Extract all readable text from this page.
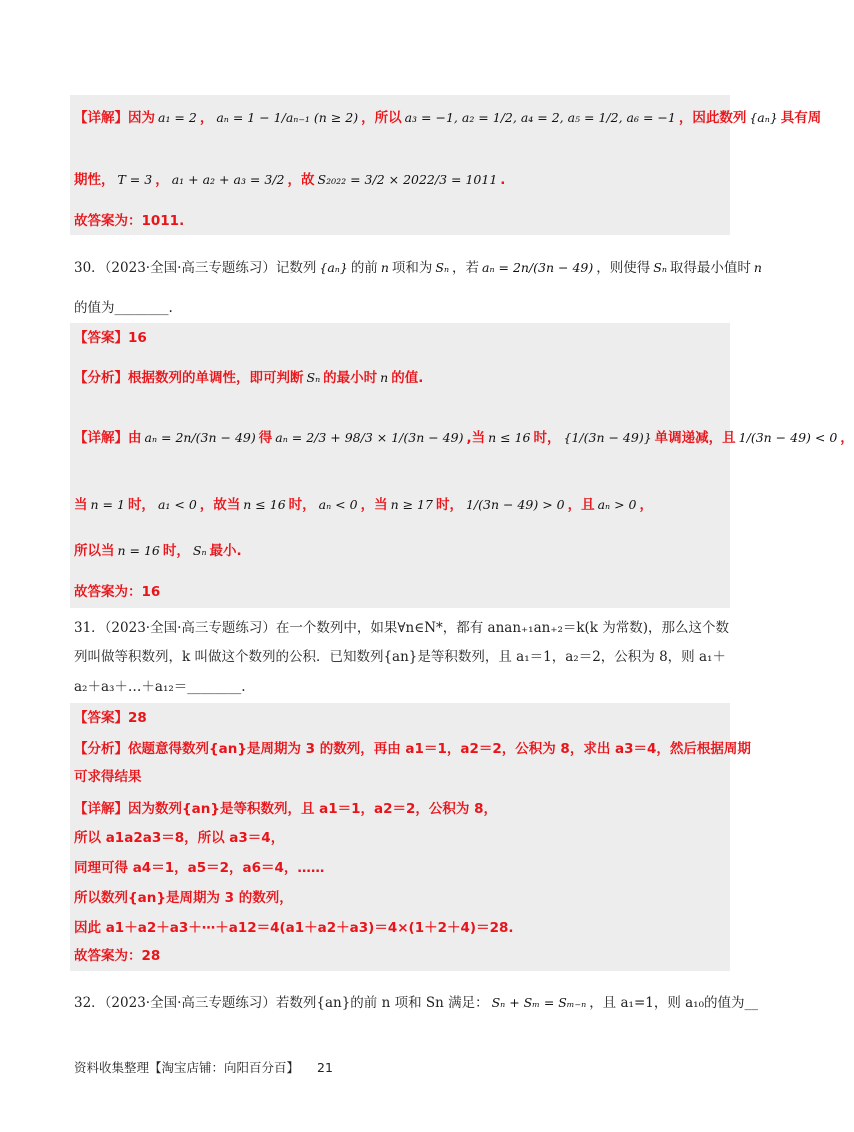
【详解】因为 a₁ = 2 ， aₙ = 1 − 1/aₙ₋₁ (n ≥ 2) ，所以 a₃ = −1, a₂ = 1/2, a₄ = 2, a₅ = 1/2, a₆ = −1 ，因此数列 {aₙ} 具有周
期性， T = 3 ， a₁ + a₂ + a₃ = 3/2 ，故 S₂₀₂₂ = 3/2 × 2022/3 = 1011 .
故答案为：1011.
30．（2023·全国·高三专题练习）记数列 {aₙ} 的前 n 项和为 Sₙ ，若 aₙ = 2n/(3n − 49) ，则使得 Sₙ 取得最小值时 n
的值为________.
【答案】16
【分析】根据数列的单调性，即可判断 Sₙ 的最小时 n 的值.
【详解】由 aₙ = 2n/(3n − 49) 得 aₙ = 2/3 + 98/3 × 1/(3n − 49) ,当 n ≤ 16 时， {1/(3n − 49)} 单调递减，且 1/(3n − 49) < 0 ，
当 n = 1 时， a₁ < 0 ，故当 n ≤ 16 时， aₙ < 0 ，当 n ≥ 17 时， 1/(3n − 49) > 0 ，且 aₙ > 0 ，
所以当 n = 16 时， Sₙ 最小.
故答案为：16
31．（2023·全国·高三专题练习）在一个数列中，如果∀n∈N*，都有 anan₊₁an₊₂＝k(k 为常数)，那么这个数
列叫做等积数列，k 叫做这个数列的公积．已知数列{an}是等积数列，且 a₁＝1，a₂＝2，公积为 8，则 a₁＋
a₂＋a₃＋…＋a₁₂＝________.
【答案】28
【分析】依题意得数列{an}是周期为 3 的数列，再由 a1＝1，a2＝2，公积为 8，求出 a3＝4，然后根据周期
可求得结果
【详解】因为数列{an}是等积数列，且 a1＝1，a2＝2，公积为 8，
所以 a1a2a3＝8，所以 a3＝4，
同理可得 a4＝1，a5＝2，a6＝4，……
所以数列{an}是周期为 3 的数列，
因此 a1＋a2＋a3＋⋯＋a12＝4(a1＋a2＋a3)＝4×(1＋2＋4)＝28.
故答案为：28
32．（2023·全国·高三专题练习）若数列{an}的前 n 项和 Sn 满足： Sₙ + Sₘ = Sₘ₋ₙ ，且 a₁=1，则 a₁₀的值为__
资料收集整理【淘宝店铺：向阳百分百】 21
